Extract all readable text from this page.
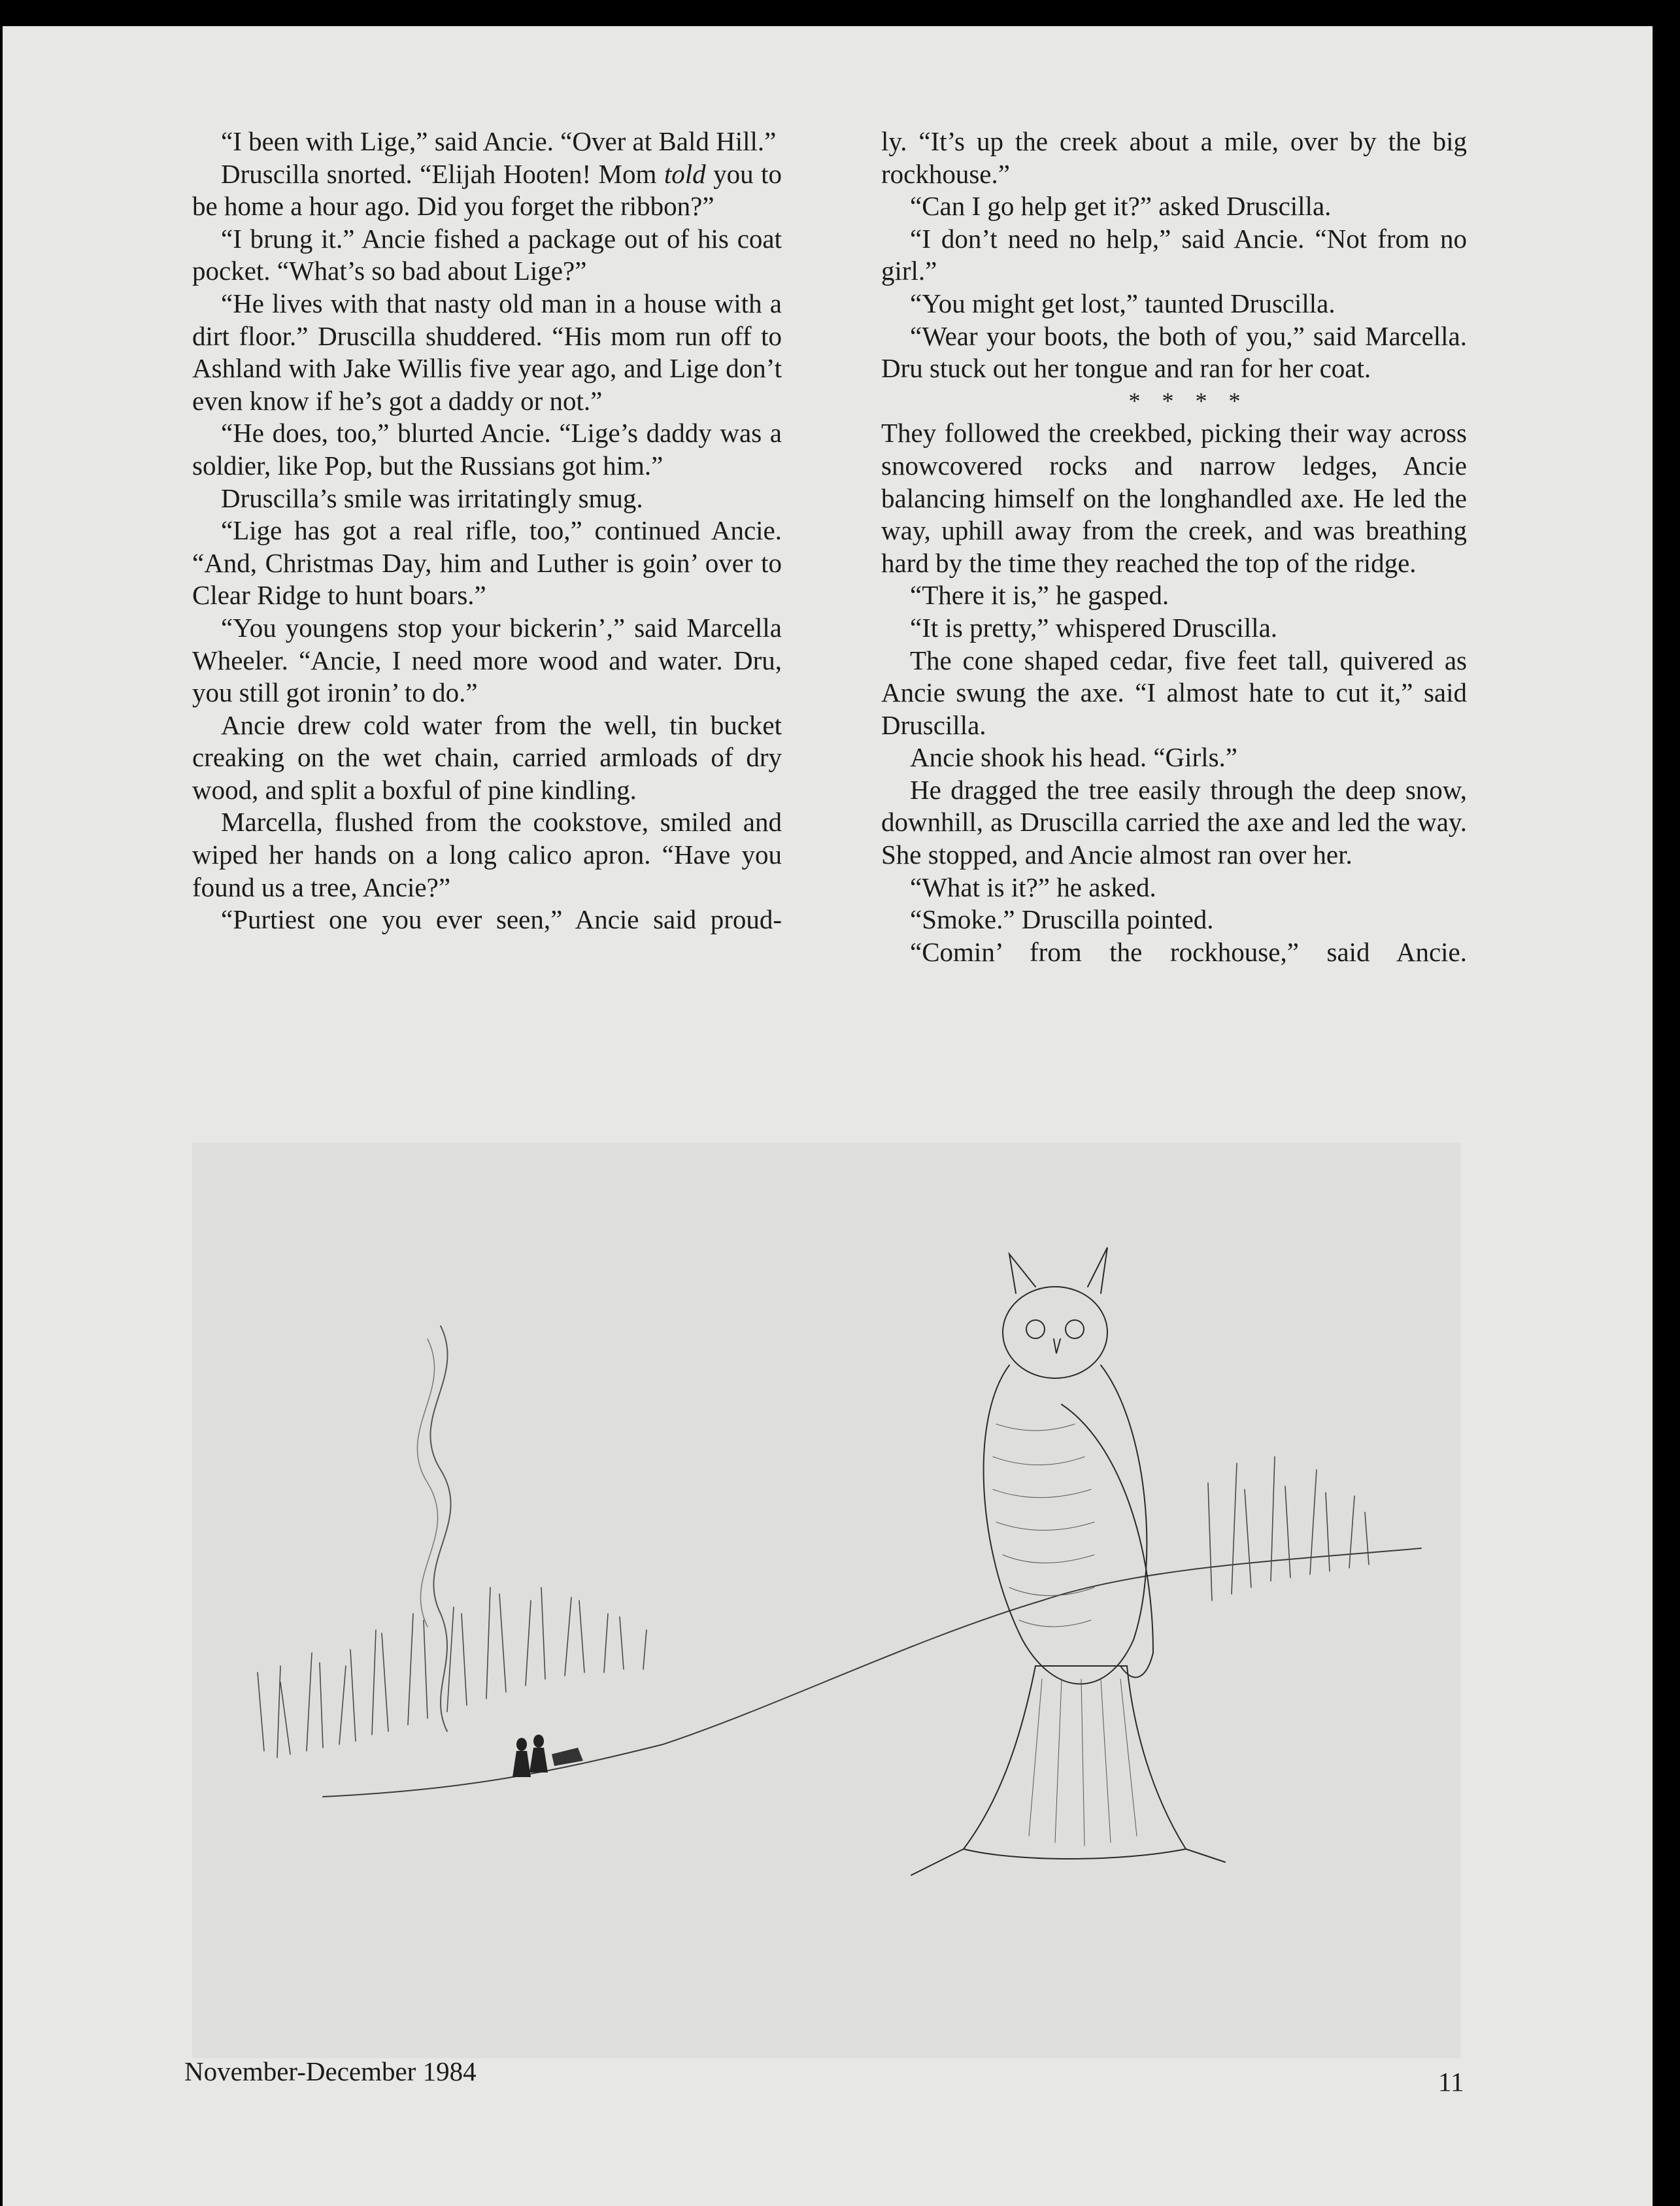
“I been with Lige,” said Ancie. “Over at Bald Hill.”

Druscilla snorted. “Elijah Hooten! Mom told you to be home a hour ago. Did you forget the ribbon?”

“I brung it.” Ancie fished a package out of his coat pocket. “What’s so bad about Lige?”

“He lives with that nasty old man in a house with a dirt floor.” Druscilla shuddered. “His mom run off to Ashland with Jake Willis five year ago, and Lige don’t even know if he’s got a daddy or not.”

“He does, too,” blurted Ancie. “Lige’s daddy was a soldier, like Pop, but the Russians got him.”

Druscilla’s smile was irritatingly smug.

“Lige has got a real rifle, too,” continued Ancie. “And, Christmas Day, him and Luther is goin’ over to Clear Ridge to hunt boars.”

“You youngens stop your bickerin’,” said Marcella Wheeler. “Ancie, I need more wood and water. Dru, you still got ironin’ to do.”

Ancie drew cold water from the well, tin bucket creaking on the wet chain, carried armloads of dry wood, and split a boxful of pine kindling.

Marcella, flushed from the cookstove, smiled and wiped her hands on a long calico apron. “Have you found us a tree, Ancie?”

“Purtiest one you ever seen,” Ancie said proud-

ly. “It’s up the creek about a mile, over by the big rockhouse.”

“Can I go help get it?” asked Druscilla.

“I don’t need no help,” said Ancie. “Not from no girl.”

“You might get lost,” taunted Druscilla.

“Wear your boots, the both of you,” said Marcella. Dru stuck out her tongue and ran for her coat.

* * * *

They followed the creekbed, picking their way across snowcovered rocks and narrow ledges, Ancie balancing himself on the longhandled axe. He led the way, uphill away from the creek, and was breathing hard by the time they reached the top of the ridge.

“There it is,” he gasped.

“It is pretty,” whispered Druscilla.

The cone shaped cedar, five feet tall, quivered as Ancie swung the axe. “I almost hate to cut it,” said Druscilla.

Ancie shook his head. “Girls.”

He dragged the tree easily through the deep snow, downhill, as Druscilla carried the axe and led the way. She stopped, and Ancie almost ran over her.

“What is it?” he asked.

“Smoke.” Druscilla pointed.

“Comin’ from the rockhouse,” said Ancie.

November-December 1984	11
